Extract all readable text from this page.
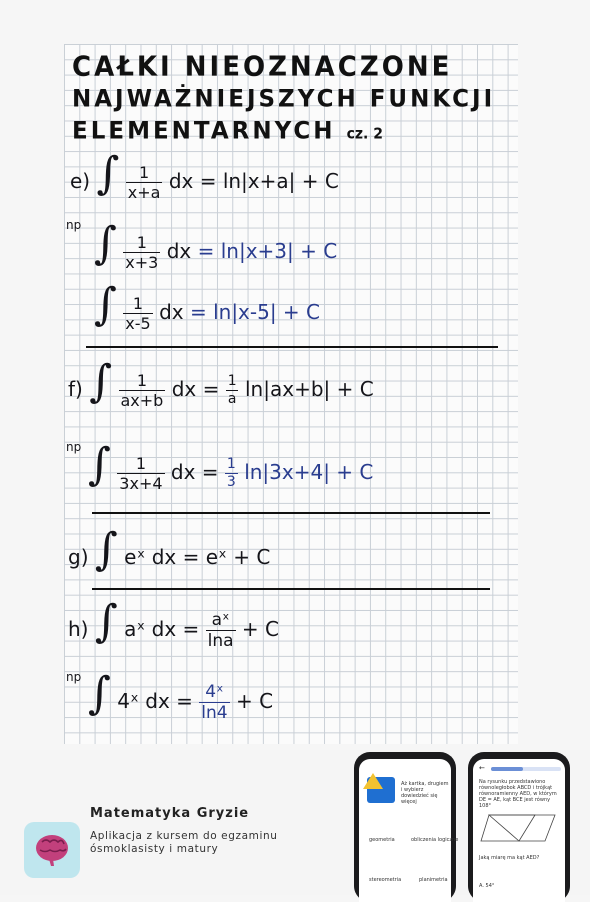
CAŁKI NIEOZNACZONE
NAJWAŻNIEJSZYCH FUNKCJI
ELEMENTARNYCH cz. 2
e) ∫ $\frac{1}{x+a}$ dx = ln|x+a| + C
np ∫ $\frac{1}{x+3}$ dx = ln|x+3| + C
∫ $\frac{1}{x-5}$ dx = ln|x-5| + C
f) ∫ $\frac{1}{ax+b}$ dx = $\frac{1}{a} \ln|ax+b| + C$
np ∫ $\frac{1}{3x+4}$ dx = $\frac{1}{3} \ln|3x+4| + C$
g) ∫ eˣ dx = eˣ + C
h) ∫ aˣ dx = $\frac{\text{aˣ}}{\ln a} + C$
np ∫ 4ˣ dx = $\frac{\text{4ˣ}}{\ln 4} + C$
Matematyka Gryzie
Aplikacja z kursem do egzaminu ósmoklasisty i matury
Aż kartka, drugiem i wybierz dowiedzieć się więcej
geometria	obliczenia logiczne
stereometria	planimetria
←
Na rysunku przedstawiono równoległobok ABCD i trójkąt równoramienny AED, w którym DE = AE, kąt BCE jest równy 108°
Jaką miarę ma kąt AED?
A. 54°
